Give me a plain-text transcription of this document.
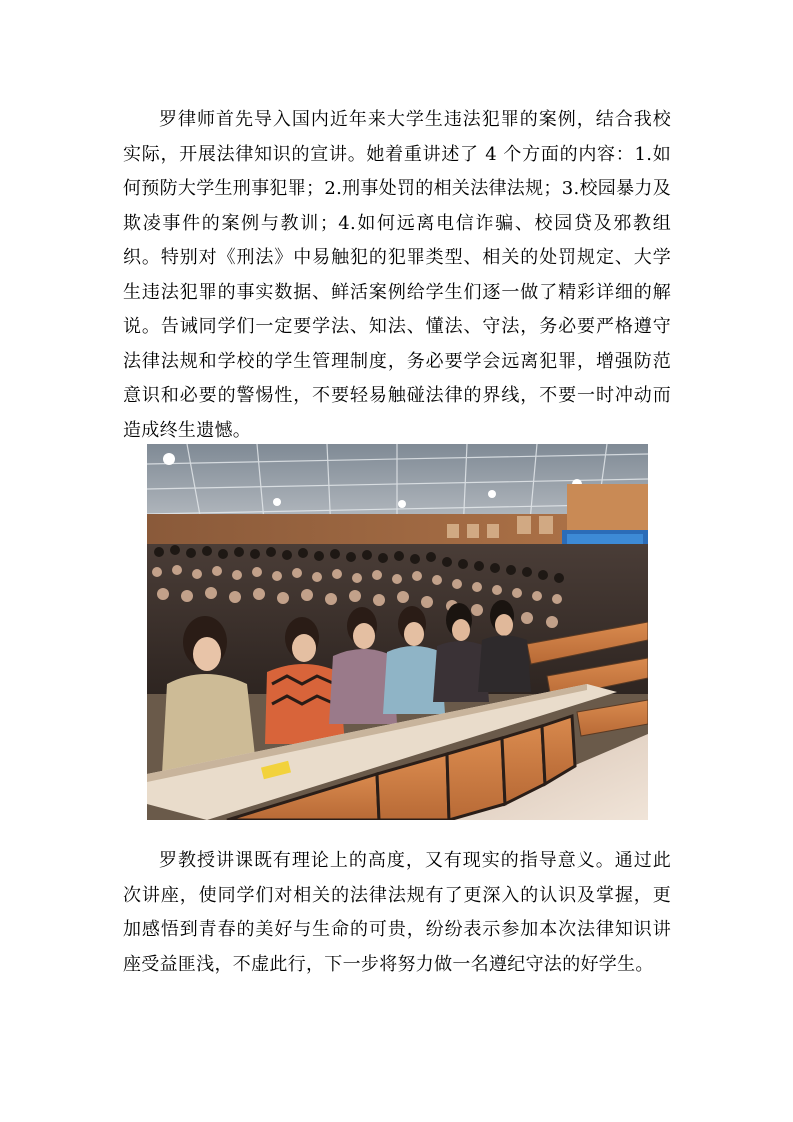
罗律师首先导入国内近年来大学生违法犯罪的案例，结合我校实际，开展法律知识的宣讲。她着重讲述了 4 个方面的内容：1.如何预防大学生刑事犯罪；2.刑事处罚的相关法律法规；3.校园暴力及欺凌事件的案例与教训；4.如何远离电信诈骗、校园贷及邪教组织。特别对《刑法》中易触犯的犯罪类型、相关的处罚规定、大学生违法犯罪的事实数据、鲜活案例给学生们逐一做了精彩详细的解说。告诫同学们一定要学法、知法、懂法、守法，务必要严格遵守法律法规和学校的学生管理制度，务必要学会远离犯罪，增强防范意识和必要的警惕性，不要轻易触碰法律的界线，不要一时冲动而造成终生遗憾。

罗教授讲课既有理论上的高度，又有现实的指导意义。通过此次讲座，使同学们对相关的法律法规有了更深入的认识及掌握，更加感悟到青春的美好与生命的可贵，纷纷表示参加本次法律知识讲座受益匪浅，不虚此行，下一步将努力做一名遵纪守法的好学生。
